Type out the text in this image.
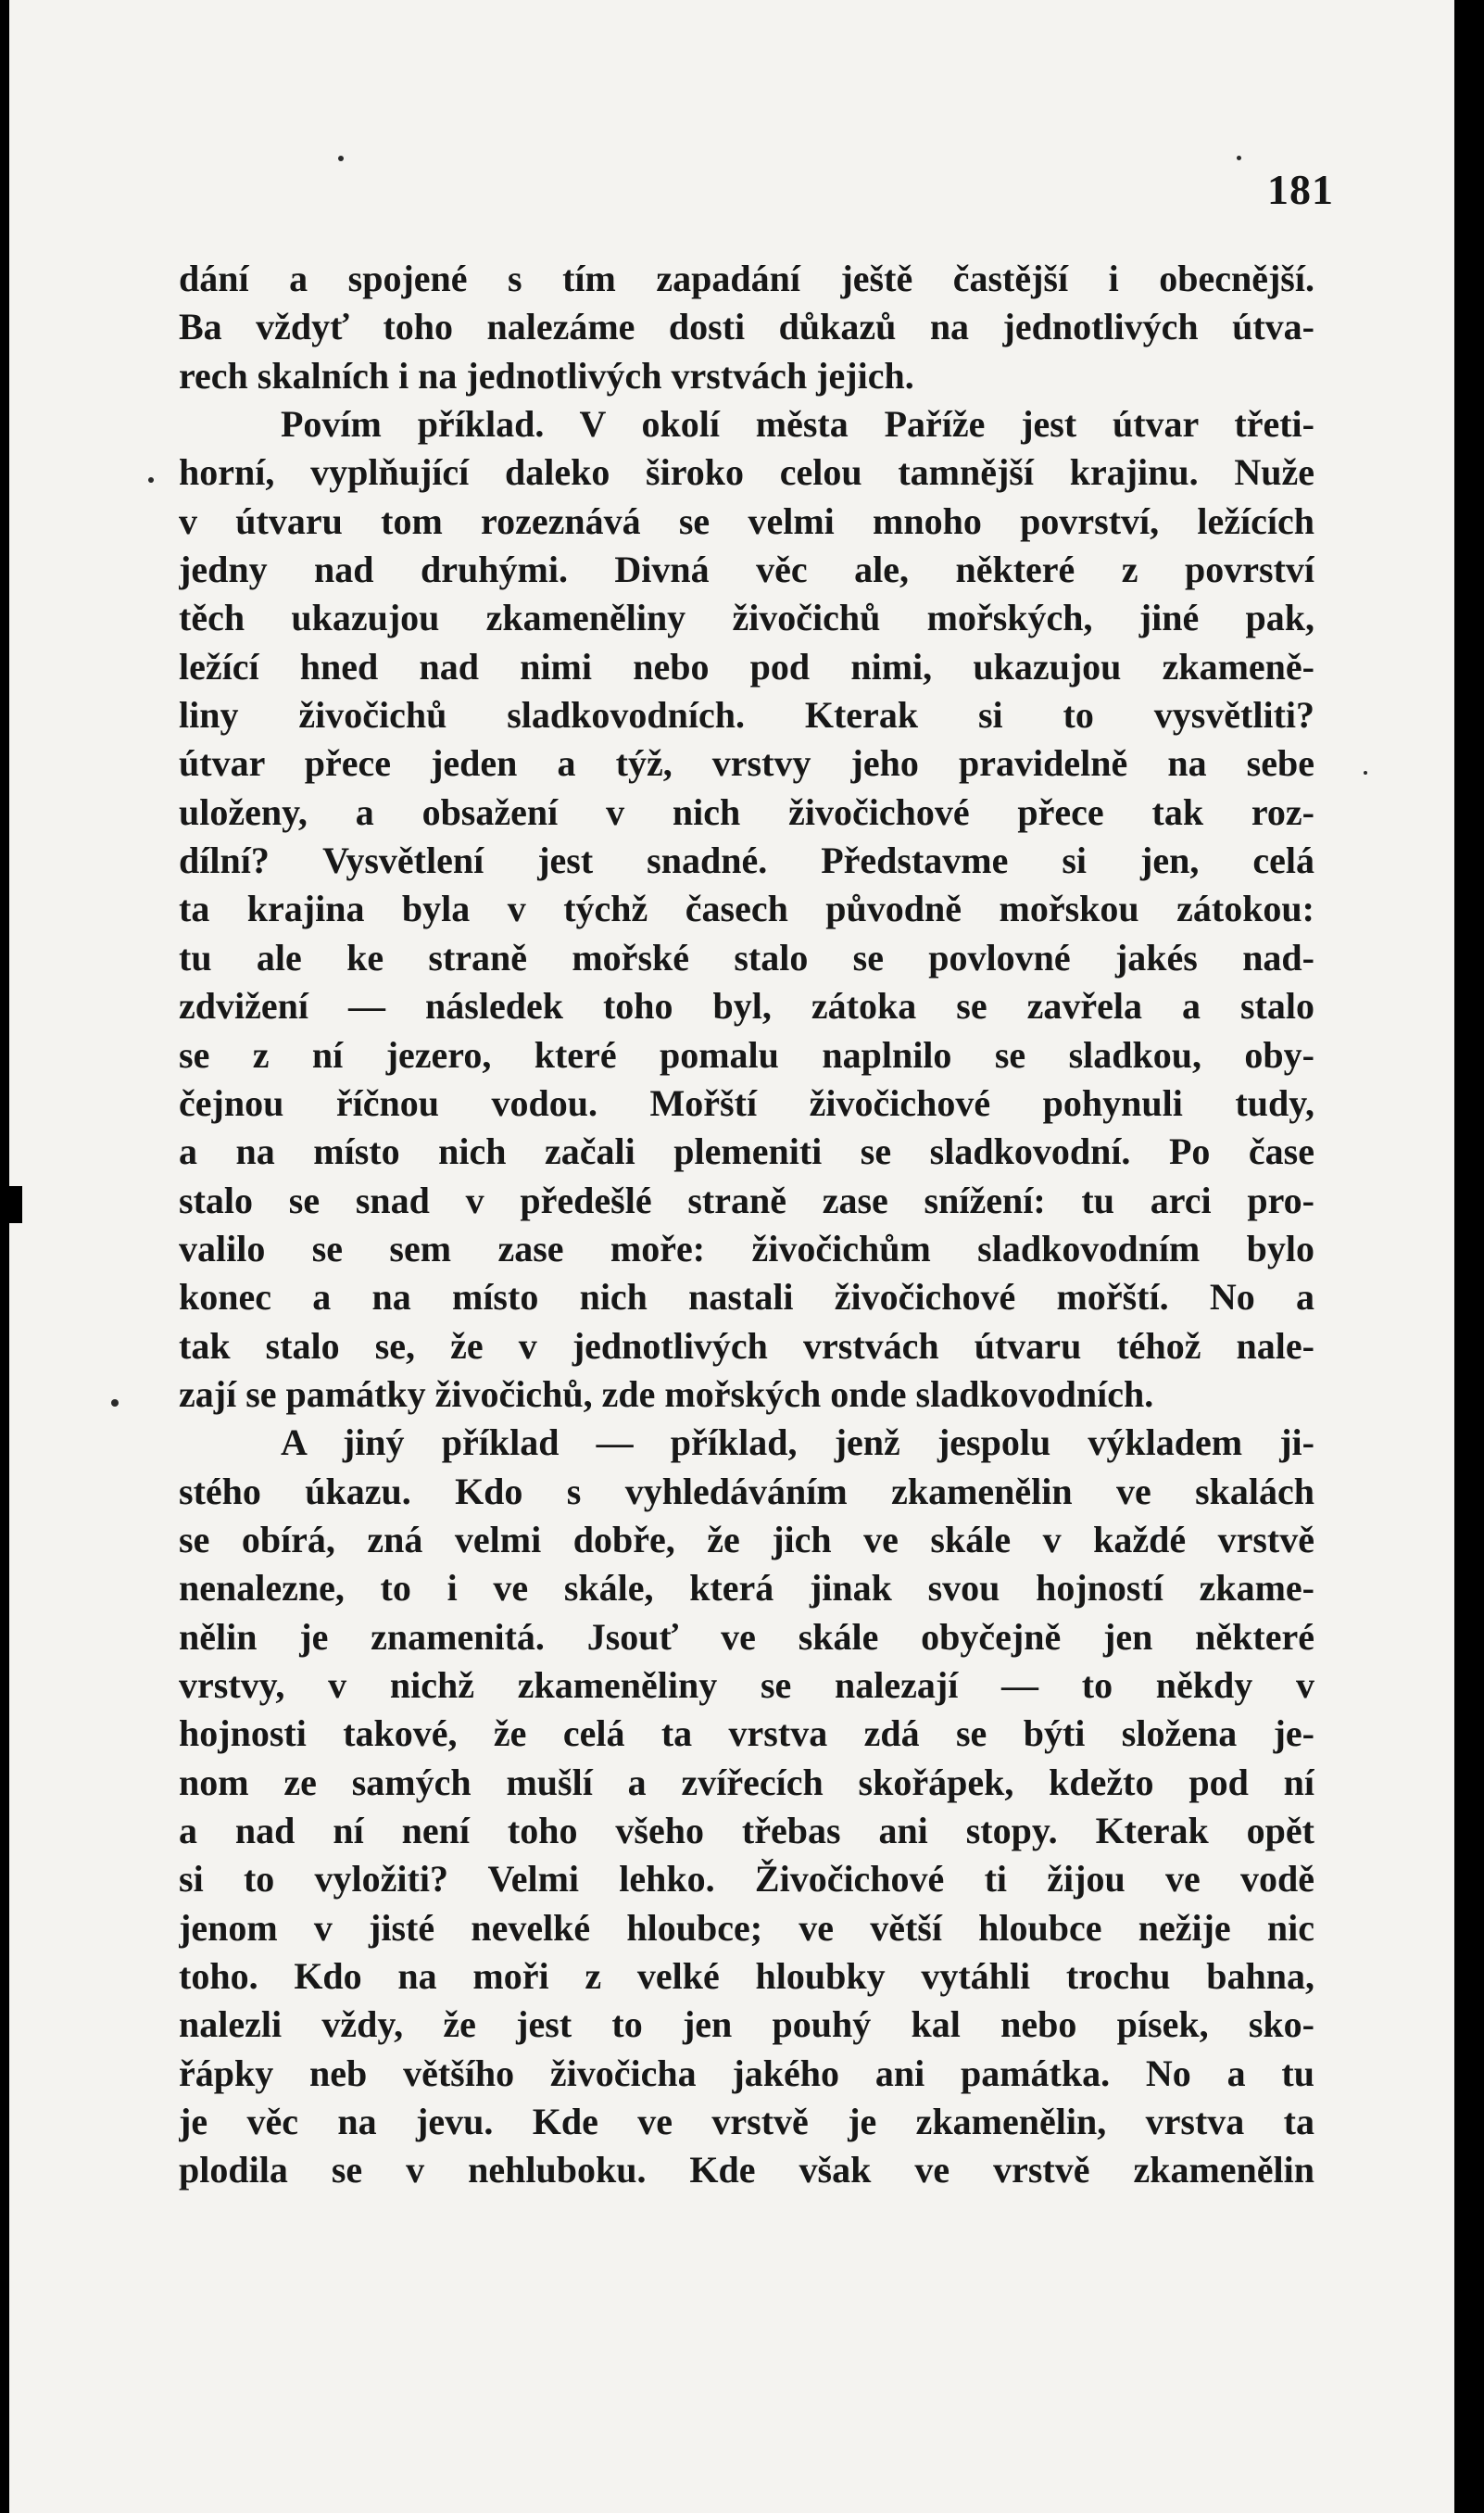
181
dání a spojené s tím zapadání ještě častější i obecnější.
Ba vždyť toho nalezáme dosti důkazů na jednotlivých útva-
rech skalních i na jednotlivých vrstvách jejich.
Povím příklad. V okolí města Paříže jest útvar třeti-
horní, vyplňující daleko široko celou tamnější krajinu. Nuže
v útvaru tom rozeznává se velmi mnoho povrství, ležících
jedny nad druhými. Divná věc ale, některé z povrství
těch ukazujou zkameněliny živočichů mořských, jiné pak,
ležící hned nad nimi nebo pod nimi, ukazujou zkameně-
liny živočichů sladkovodních. Kterak si to vysvětliti?
útvar přece jeden a týž, vrstvy jeho pravidelně na sebe
uloženy, a obsažení v nich živočichové přece tak roz-
dílní? Vysvětlení jest snadné. Představme si jen, celá
ta krajina byla v týchž časech původně mořskou zátokou:
tu ale ke straně mořské stalo se povlovné jakés nad-
zdvižení — následek toho byl, zátoka se zavřela a stalo
se z ní jezero, které pomalu naplnilo se sladkou, oby-
čejnou říčnou vodou. Mořští živočichové pohynuli tudy,
a na místo nich začali plemeniti se sladkovodní. Po čase
stalo se snad v předešlé straně zase snížení: tu arci pro-
valilo se sem zase moře: živočichům sladkovodním bylo
konec a na místo nich nastali živočichové mořští. No a
tak stalo se, že v jednotlivých vrstvách útvaru téhož nale-
zají se památky živočichů, zde mořských onde sladkovodních.
A jiný příklad — příklad, jenž jespolu výkladem ji-
stého úkazu. Kdo s vyhledáváním zkamenělin ve skalách
se obírá, zná velmi dobře, že jich ve skále v každé vrstvě
nenalezne, to i ve skále, která jinak svou hojností zkame-
nělin je znamenitá. Jsouť ve skále obyčejně jen některé
vrstvy, v nichž zkameněliny se nalezají — to někdy v
hojnosti takové, že celá ta vrstva zdá se býti složena je-
nom ze samých mušlí a zvířecích skořápek, kdežto pod ní
a nad ní není toho všeho třebas ani stopy. Kterak opět
si to vyložiti? Velmi lehko. Živočichové ti žijou ve vodě
jenom v jisté nevelké hloubce; ve větší hloubce nežije nic
toho. Kdo na moři z velké hloubky vytáhli trochu bahna,
nalezli vždy, že jest to jen pouhý kal nebo písek, sko-
řápky neb většího živočicha jakého ani památka. No a tu
je věc na jevu. Kde ve vrstvě je zkamenělin, vrstva ta
plodila se v nehluboku. Kde však ve vrstvě zkamenělin
